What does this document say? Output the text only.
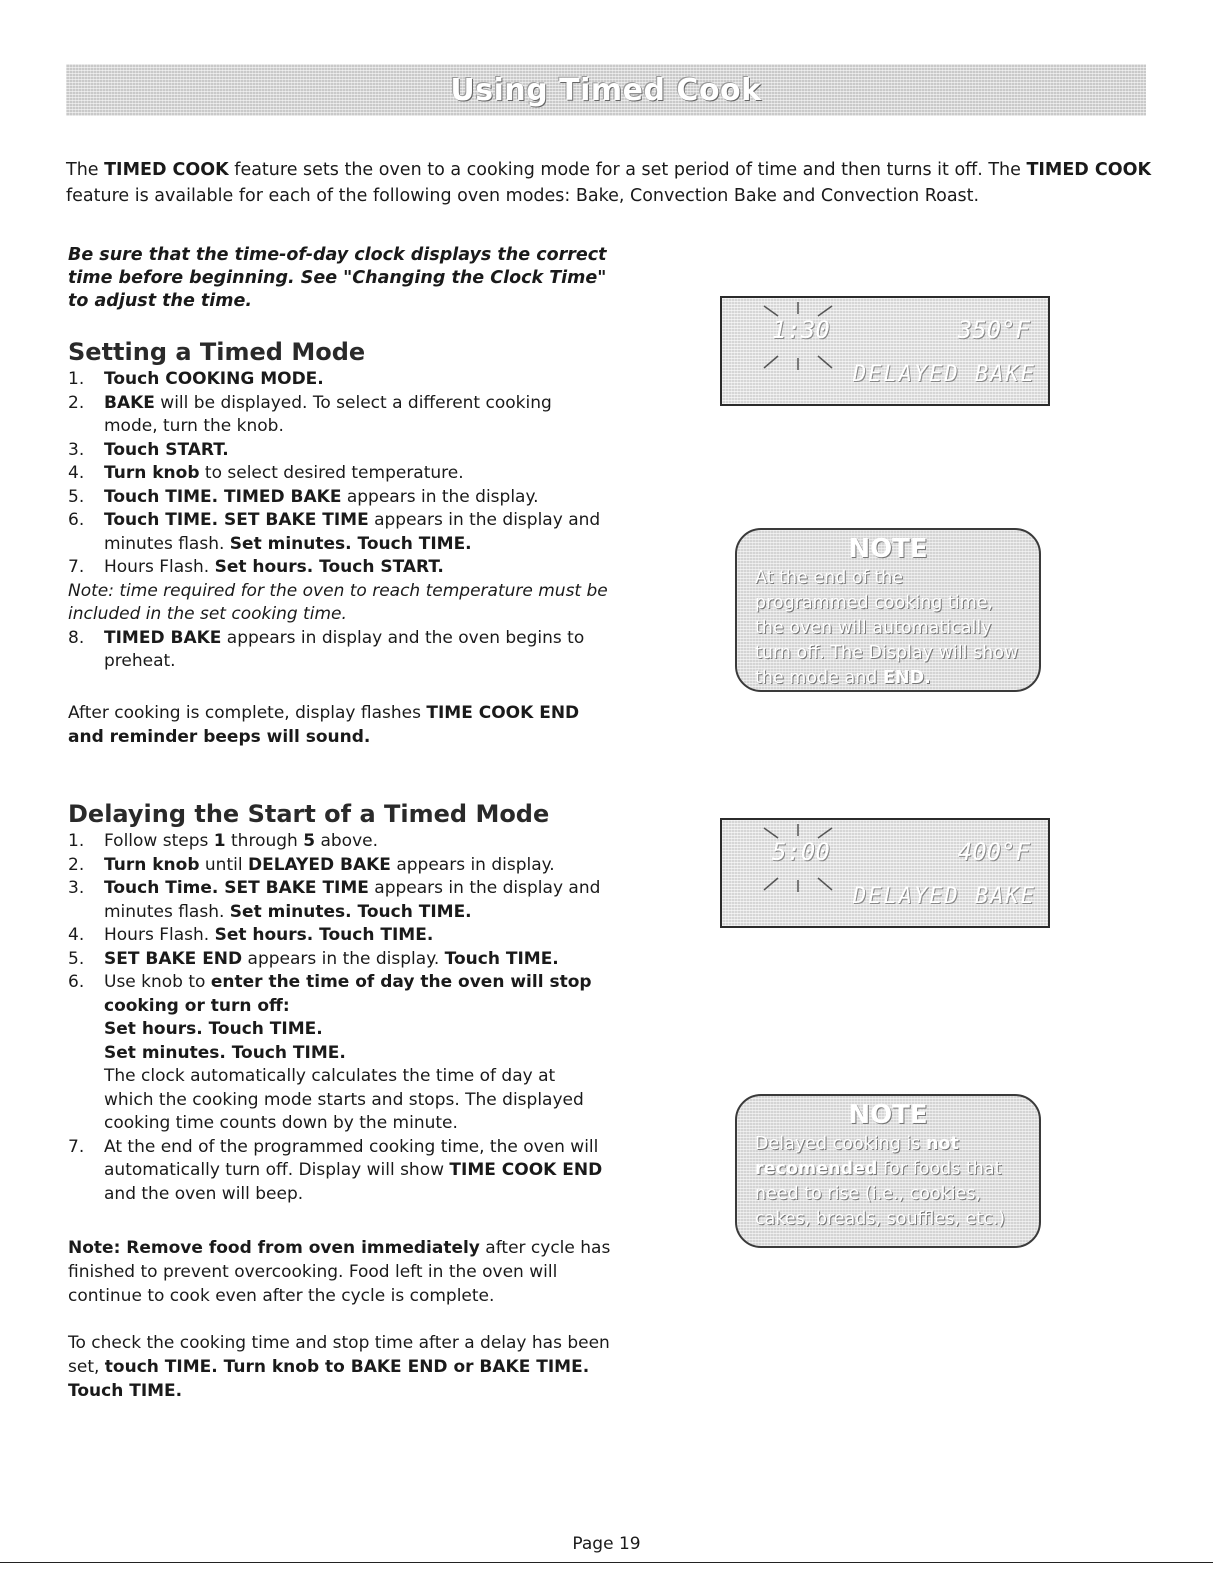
Using Timed Cook
The TIMED COOK feature sets the oven to a cooking mode for a set period of time and then turns it off. The TIMED COOK feature is available for each of the following oven modes: Bake, Convection Bake and Convection Roast.
Be sure that the time-of-day clock displays the correct time before beginning. See "Changing the Clock Time" to adjust the time.
Setting a Timed Mode
1.	Touch COOKING MODE.
2.	BAKE will be displayed. To select a different cooking mode, turn the knob.
3.	Touch START.
4.	Turn knob to select desired temperature.
5.	Touch TIME. TIMED BAKE appears in the display.
6.	Touch TIME. SET BAKE TIME appears in the display and minutes flash. Set minutes. Touch TIME.
7.	Hours Flash. Set hours. Touch START.
Note: time required for the oven to reach temperature must be included in the set cooking time.
8.	TIMED BAKE appears in display and the oven begins to preheat.
After cooking is complete, display flashes TIME COOK END and reminder beeps will sound.
Delaying the Start of a Timed Mode
1.	Follow steps 1 through 5 above.
2.	Turn knob until DELAYED BAKE appears in display.
3.	Touch Time. SET BAKE TIME appears in the display and minutes flash. Set minutes. Touch TIME.
4.	Hours Flash. Set hours. Touch TIME.
5.	SET BAKE END appears in the display. Touch TIME.
6.	Use knob to enter the time of day the oven will stop cooking or turn off:
Set hours. Touch TIME.
Set minutes. Touch TIME.
The clock automatically calculates the time of day at which the cooking mode starts and stops. The displayed cooking time counts down by the minute.
7.	At the end of the programmed cooking time, the oven will automatically turn off. Display will show TIME COOK END and the oven will beep.
Note: Remove food from oven immediately after cycle has finished to prevent overcooking. Food left in the oven will continue to cook even after the cycle is complete.
To check the cooking time and stop time after a delay has been set, touch TIME. Turn knob to BAKE END or BAKE TIME. Touch TIME.
1:30	350°F
DELAYED BAKE
NOTE
At the end of the programmed cooking time, the oven will automatically turn off. The Display will show the mode and END.
5:00	400°F
DELAYED BAKE
NOTE
Delayed cooking is not recomended for foods that need to rise (i.e., cookies, cakes, breads, souffles, etc.)
Page 19
